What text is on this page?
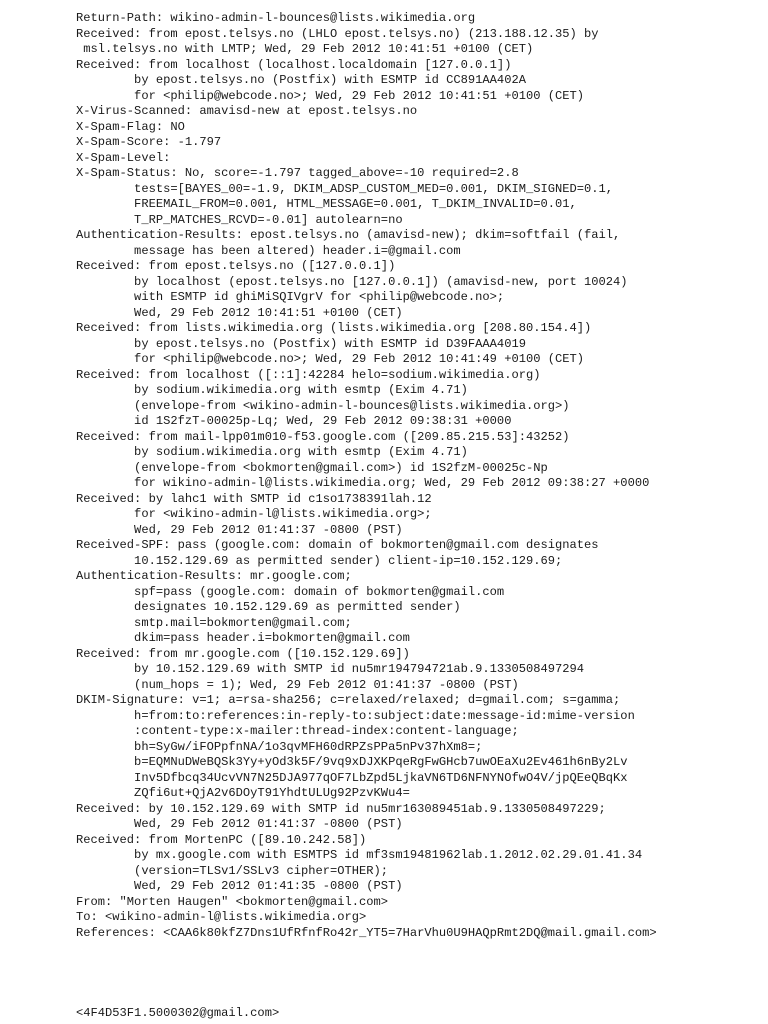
Return-Path: wikino-admin-l-bounces@lists.wikimedia.org
Received: from epost.telsys.no (LHLO epost.telsys.no) (213.188.12.35) by
msl.telsys.no with LMTP; Wed, 29 Feb 2012 10:41:51 +0100 (CET)
Received: from localhost (localhost.localdomain [127.0.0.1])
by epost.telsys.no (Postfix) with ESMTP id CC891AA402A
for <philip@webcode.no>; Wed, 29 Feb 2012 10:41:51 +0100 (CET)
X-Virus-Scanned: amavisd-new at epost.telsys.no
X-Spam-Flag: NO
X-Spam-Score: -1.797
X-Spam-Level:
X-Spam-Status: No, score=-1.797 tagged_above=-10 required=2.8
tests=[BAYES_00=-1.9, DKIM_ADSP_CUSTOM_MED=0.001, DKIM_SIGNED=0.1,
FREEMAIL_FROM=0.001, HTML_MESSAGE=0.001, T_DKIM_INVALID=0.01,
T_RP_MATCHES_RCVD=-0.01] autolearn=no
Authentication-Results: epost.telsys.no (amavisd-new); dkim=softfail (fail,
message has been altered) header.i=@gmail.com
Received: from epost.telsys.no ([127.0.0.1])
by localhost (epost.telsys.no [127.0.0.1]) (amavisd-new, port 10024)
with ESMTP id ghiMiSQIVgrV for <philip@webcode.no>;
Wed, 29 Feb 2012 10:41:51 +0100 (CET)
Received: from lists.wikimedia.org (lists.wikimedia.org [208.80.154.4])
by epost.telsys.no (Postfix) with ESMTP id D39FAAA4019
for <philip@webcode.no>; Wed, 29 Feb 2012 10:41:49 +0100 (CET)
Received: from localhost ([::1]:42284 helo=sodium.wikimedia.org)
by sodium.wikimedia.org with esmtp (Exim 4.71)
(envelope-from <wikino-admin-l-bounces@lists.wikimedia.org>)
id 1S2fzT-00025p-Lq; Wed, 29 Feb 2012 09:38:31 +0000
Received: from mail-lpp01m010-f53.google.com ([209.85.215.53]:43252)
by sodium.wikimedia.org with esmtp (Exim 4.71)
(envelope-from <bokmorten@gmail.com>) id 1S2fzM-00025c-Np
for wikino-admin-l@lists.wikimedia.org; Wed, 29 Feb 2012 09:38:27 +0000
Received: by lahc1 with SMTP id c1so1738391lah.12
for <wikino-admin-l@lists.wikimedia.org>;
Wed, 29 Feb 2012 01:41:37 -0800 (PST)
Received-SPF: pass (google.com: domain of bokmorten@gmail.com designates
10.152.129.69 as permitted sender) client-ip=10.152.129.69;
Authentication-Results: mr.google.com;
spf=pass (google.com: domain of bokmorten@gmail.com
designates 10.152.129.69 as permitted sender)
smtp.mail=bokmorten@gmail.com;
dkim=pass header.i=bokmorten@gmail.com
Received: from mr.google.com ([10.152.129.69])
by 10.152.129.69 with SMTP id nu5mr194794721ab.9.1330508497294
(num_hops = 1); Wed, 29 Feb 2012 01:41:37 -0800 (PST)
DKIM-Signature: v=1; a=rsa-sha256; c=relaxed/relaxed; d=gmail.com; s=gamma;
h=from:to:references:in-reply-to:subject:date:message-id:mime-version
:content-type:x-mailer:thread-index:content-language;
bh=SyGw/iFOPpfnNA/1o3qvMFH60dRPZsPPa5nPv37hXm8=;
b=EQMNuDWeBQSk3Yy+yOd3k5F/9vq9xDJXKPqeRgFwGHcb7uwOEaXu2Ev461h6nBy2Lv
Inv5Dfbcq34UcvVN7N25DJA977qOF7LbZpd5LjkaVN6TD6NFNYNOfwO4V/jpQEeQBqKx
ZQfi6ut+QjA2v6DOyT91YhdtULUg92PzvKWu4=
Received: by 10.152.129.69 with SMTP id nu5mr163089451ab.9.1330508497229;
Wed, 29 Feb 2012 01:41:37 -0800 (PST)
Received: from MortenPC ([89.10.242.58])
by mx.google.com with ESMTPS id mf3sm19481962lab.1.2012.02.29.01.41.34
(version=TLSv1/SSLv3 cipher=OTHER);
Wed, 29 Feb 2012 01:41:35 -0800 (PST)
From: "Morten Haugen" <bokmorten@gmail.com>
To: <wikino-admin-l@lists.wikimedia.org>
References: <CAA6k80kfZ7Dns1UfRfnfRo42r_YT5=7HarVhu0U9HAQpRmt2DQ@mail.gmail.com>
<4F4D53F1.5000302@gmail.com>
